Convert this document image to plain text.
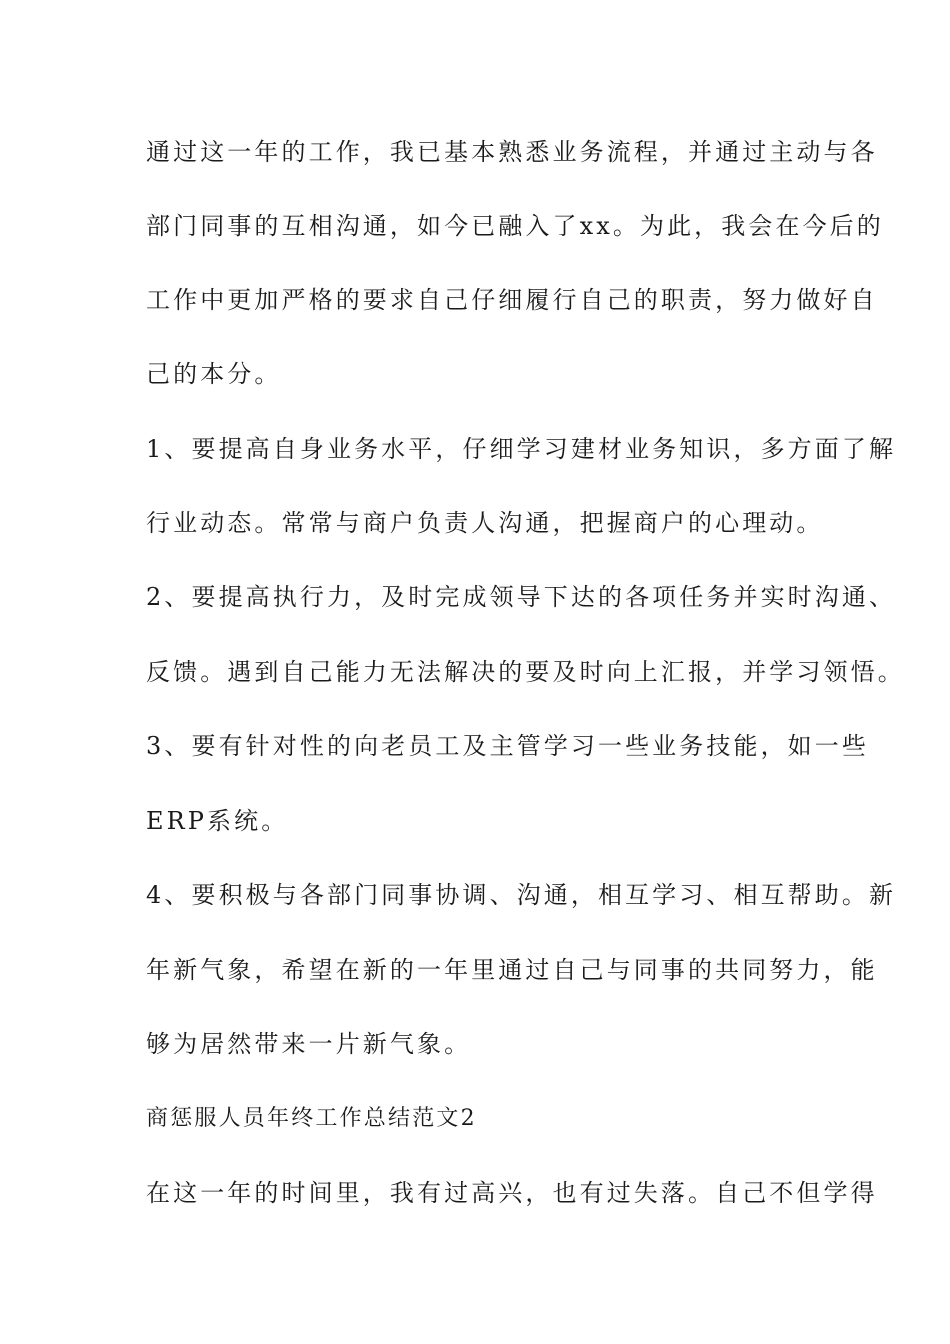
通过这一年的工作，我已基本熟悉业务流程，并通过主动与各
部门同事的互相沟通，如今已融入了xx。为此，我会在今后的
工作中更加严格的要求自己仔细履行自己的职责，努力做好自
己的本分。
1、要提高自身业务水平，仔细学习建材业务知识，多方面了解
行业动态。常常与商户负责人沟通，把握商户的心理动。
2、要提高执行力，及时完成领导下达的各项任务并实时沟通、
反馈。遇到自己能力无法解决的要及时向上汇报，并学习领悟。
3、要有针对性的向老员工及主管学习一些业务技能，如一些
ERP系统。
4、要积极与各部门同事协调、沟通，相互学习、相互帮助。新
年新气象，希望在新的一年里通过自己与同事的共同努力，能
够为居然带来一片新气象。
商惩服人员年终工作总结范文2
在这一年的时间里，我有过高兴，也有过失落。自己不但学得
